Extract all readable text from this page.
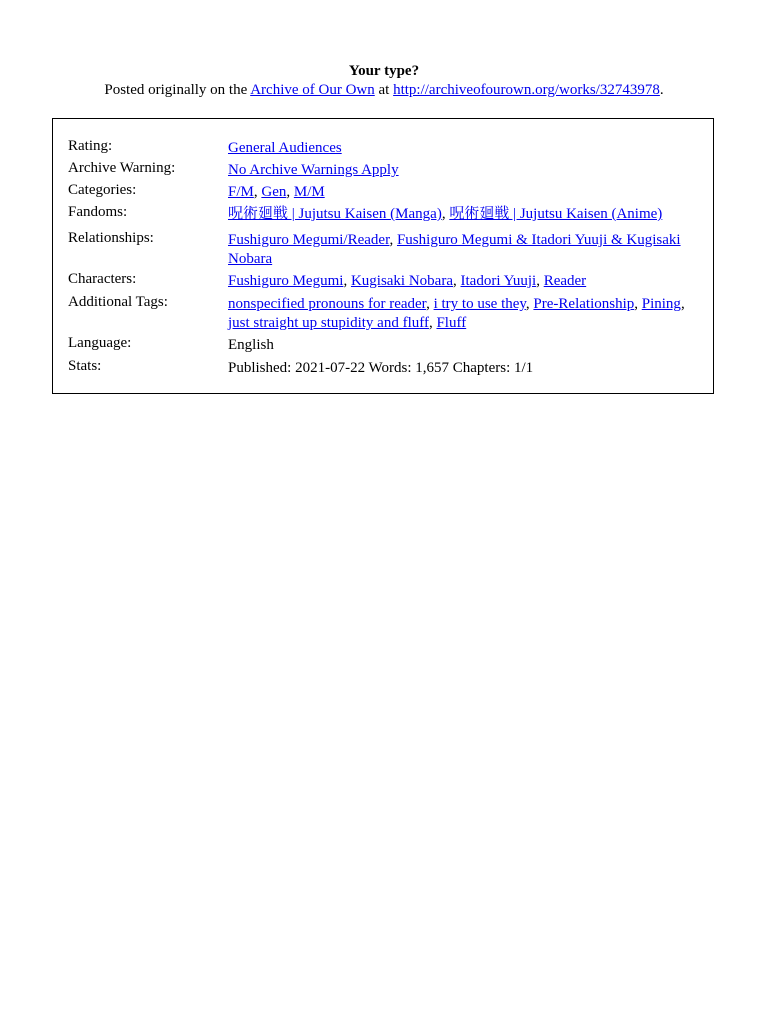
Your type?
Posted originally on the Archive of Our Own at http://archiveofourown.org/works/32743978.
Rating:	General Audiences
Archive Warning:	No Archive Warnings Apply
Categories:	F/M, Gen, M/M
Fandoms:	呪術廻戦 | Jujutsu Kaisen (Manga), 呪術廻戦 | Jujutsu Kaisen (Anime)
Relationships:	Fushiguro Megumi/Reader, Fushiguro Megumi & Itadori Yuuji & Kugisaki Nobara
Characters:	Fushiguro Megumi, Kugisaki Nobara, Itadori Yuuji, Reader
Additional Tags:	nonspecified pronouns for reader, i try to use they, Pre-Relationship, Pining, just straight up stupidity and fluff, Fluff
Language:	English
Stats:	Published: 2021-07-22 Words: 1,657 Chapters: 1/1
